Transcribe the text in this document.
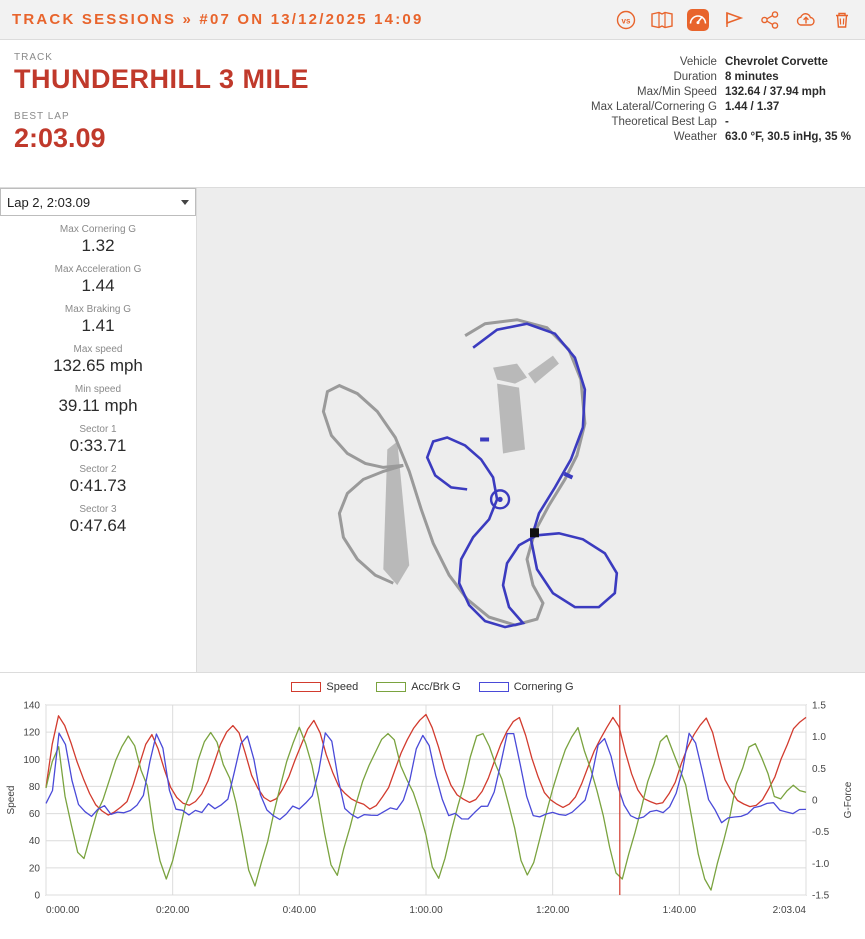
TRACK SESSIONS » #07 ON 13/12/2025 14:09	vs
TRACK
THUNDERHILL 3 MILE
BEST LAP
2:03.09
Vehicle Chevrolet Corvette
Duration 8 minutes
Max/Min Speed 132.64 / 37.94 mph
Max Lateral/Cornering G 1.44 / 1.37
Theoretical Best Lap -
Weather 63.0 °F, 30.5 inHg, 35 %
Lap 2, 2:03.09
Max Cornering G
1.32
Max Acceleration G
1.44
Max Braking G
1.41
Max speed
132.65 mph
Min speed
39.11 mph
Sector 1
0:33.71
Sector 2
0:41.73
Sector 3
0:47.64
Speed	Acc/Brk G	Cornering G
0
20
40
60
80
100
120
140
-1.5
-1.0
-0.5
0
0.5
1.0
1.5
0:00.00	0:20.00	0:40.00	1:00.00	1:20.00	1:40.00	2:03.04
Speed	G-Force
